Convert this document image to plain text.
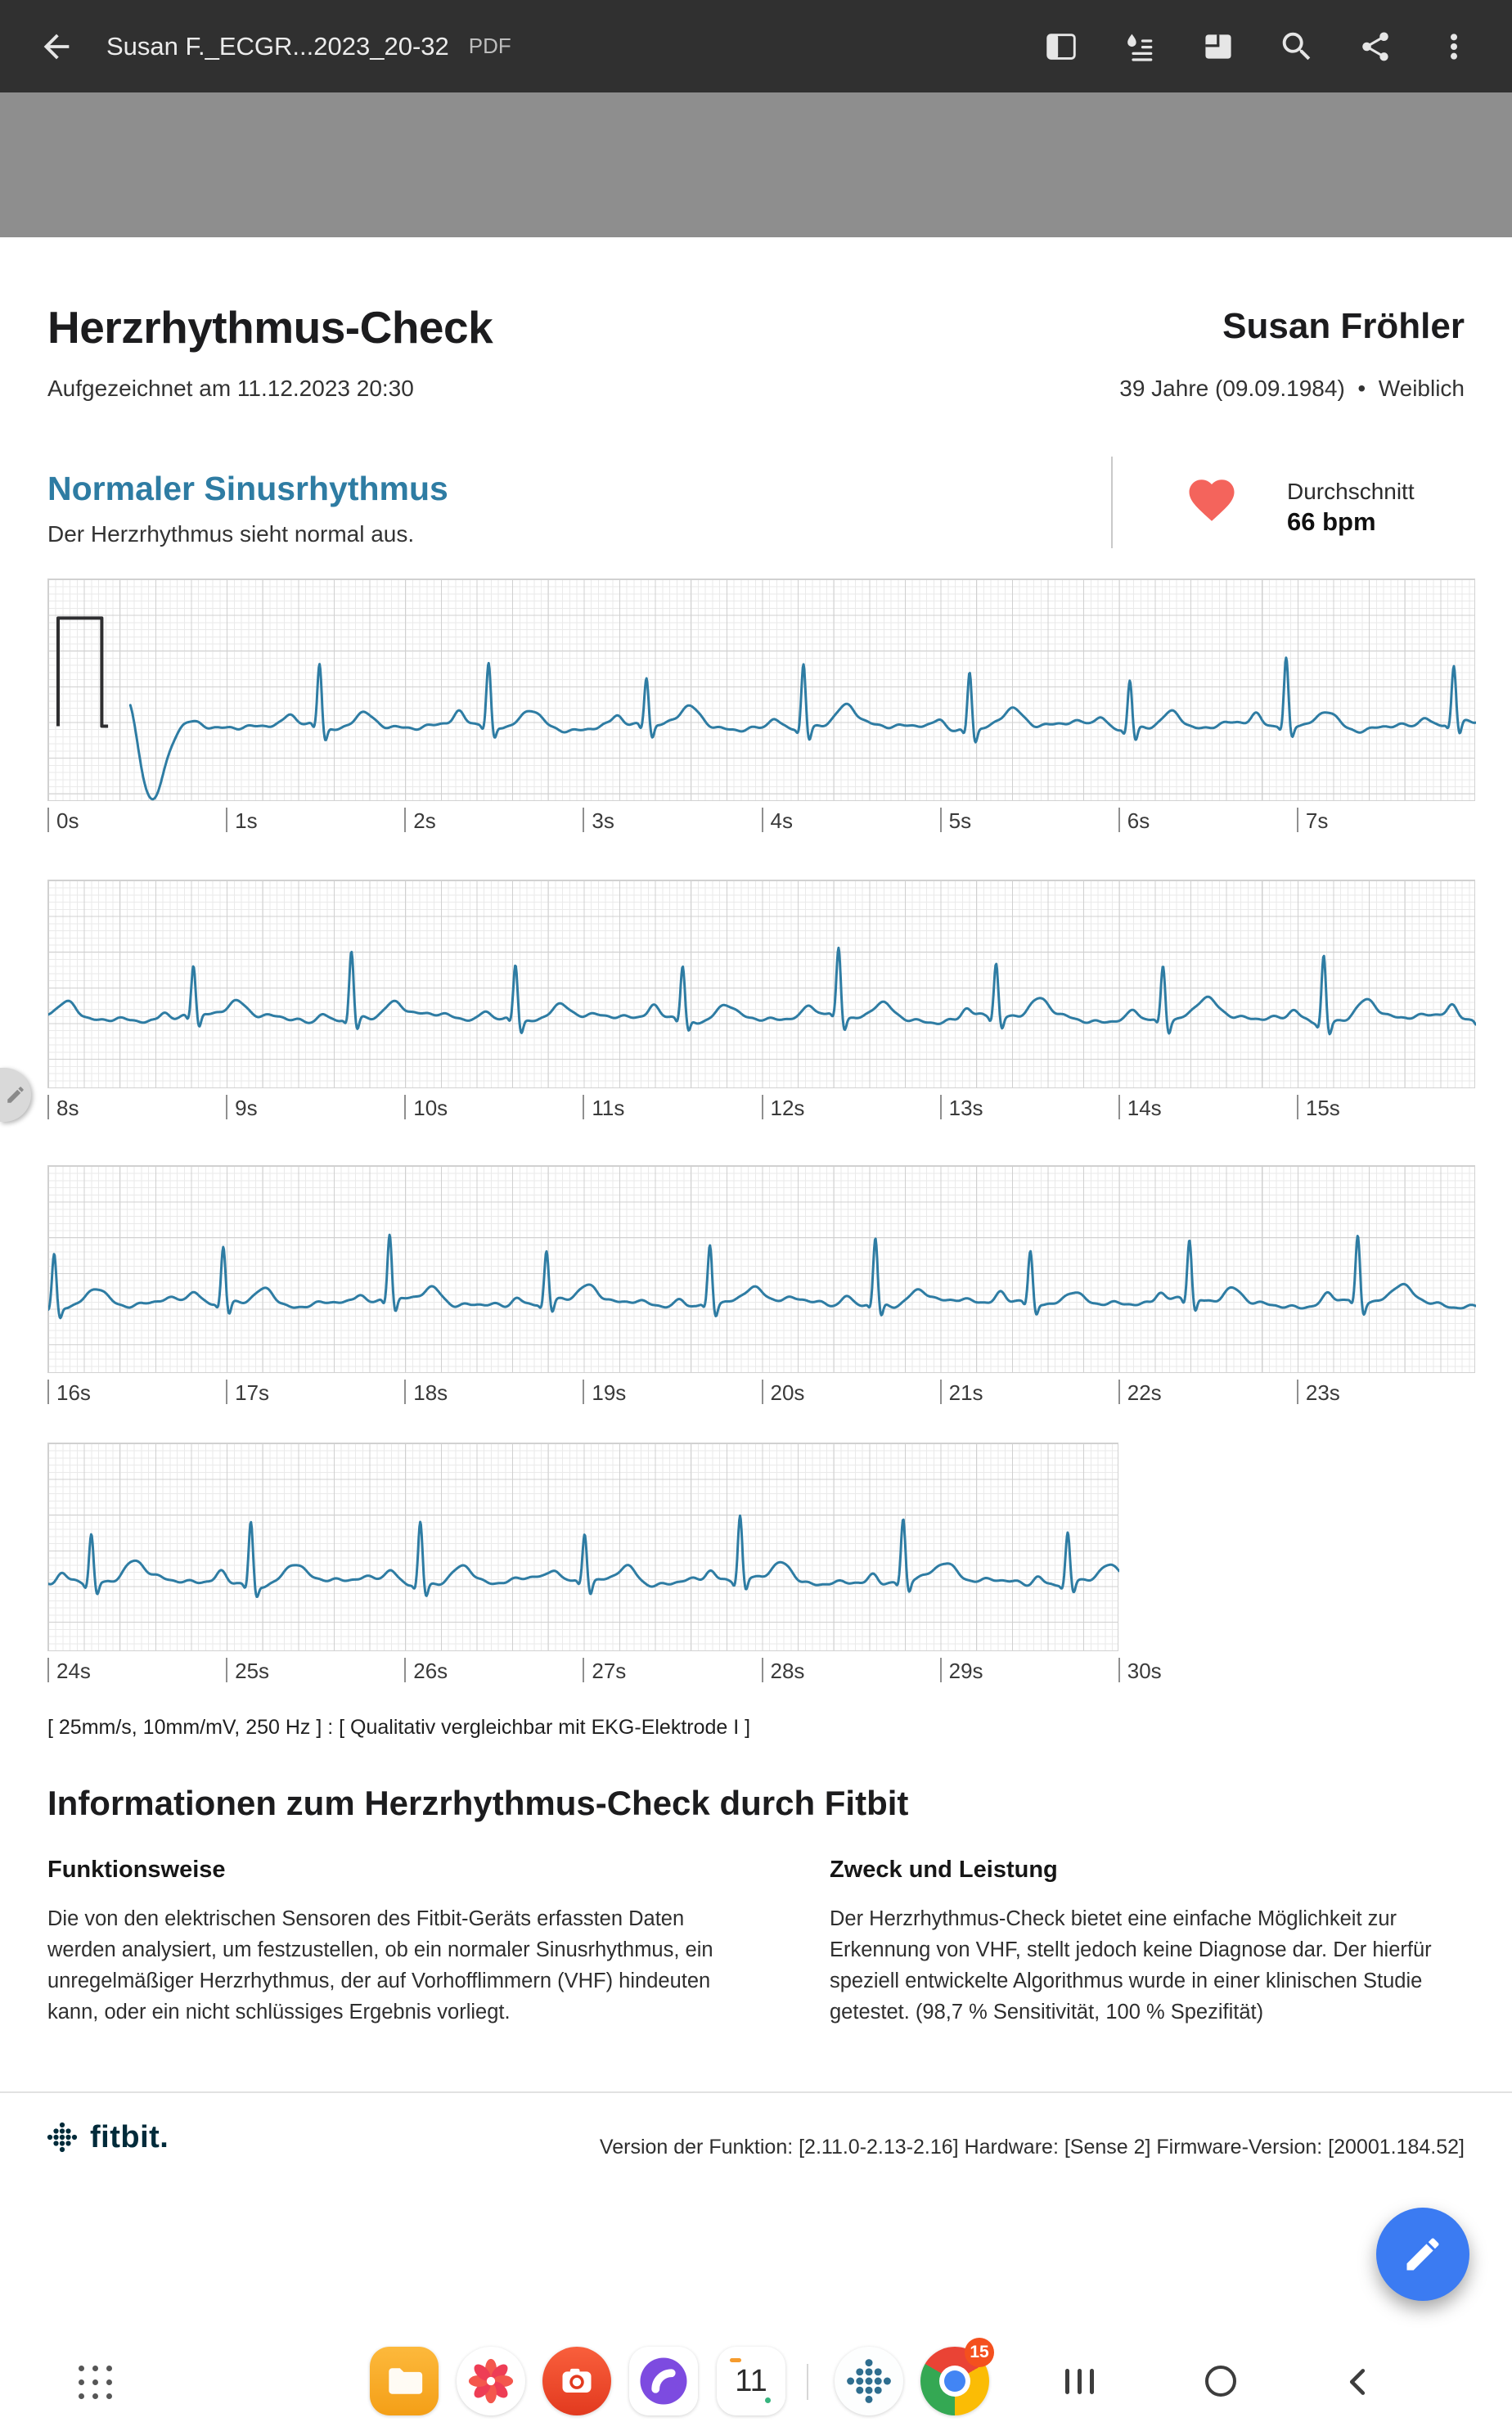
Susan F._ECGR...2023_20-32 PDF
Herzrhythmus-Check
Aufgezeichnet am 11.12.2023 20:30
Susan Fröhler
39 Jahre (09.09.1984)  •  Weiblich
Normaler Sinusrhythmus
Der Herzrhythmus sieht normal aus.
Durchschnitt
66 bpm
[ 25mm/s, 10mm/mV, 250 Hz ] : [ Qualitativ vergleichbar mit EKG-Elektrode I ]
Informationen zum Herzrhythmus-Check durch Fitbit
Funktionsweise
Die von den elektrischen Sensoren des Fitbit-Geräts erfassten Daten werden analysiert, um festzustellen, ob ein normaler Sinusrhythmus, ein unregelmäßiger Herzrhythmus, der auf Vorhofflimmern (VHF) hindeuten kann, oder ein nicht schlüssiges Ergebnis vorliegt.
Zweck und Leistung
Der Herzrhythmus-Check bietet eine einfache Möglichkeit zur Erkennung von VHF, stellt jedoch keine Diagnose dar. Der hierfür speziell entwickelte Algorithmus wurde in einer klinischen Studie getestet. (98,7 % Sensitivität, 100 % Spezifität)
fitbit.	Version der Funktion: [2.11.0-2.13-2.16] Hardware: [Sense 2] Firmware-Version: [20001.184.52]
0s	1s	2s	3s	4s	5s	6s	7s
8s	9s	10s	11s	12s	13s	14s	15s
16s	17s	18s	19s	20s	21s	22s	23s
24s	25s	26s	27s	28s	29s	30s
11
15
